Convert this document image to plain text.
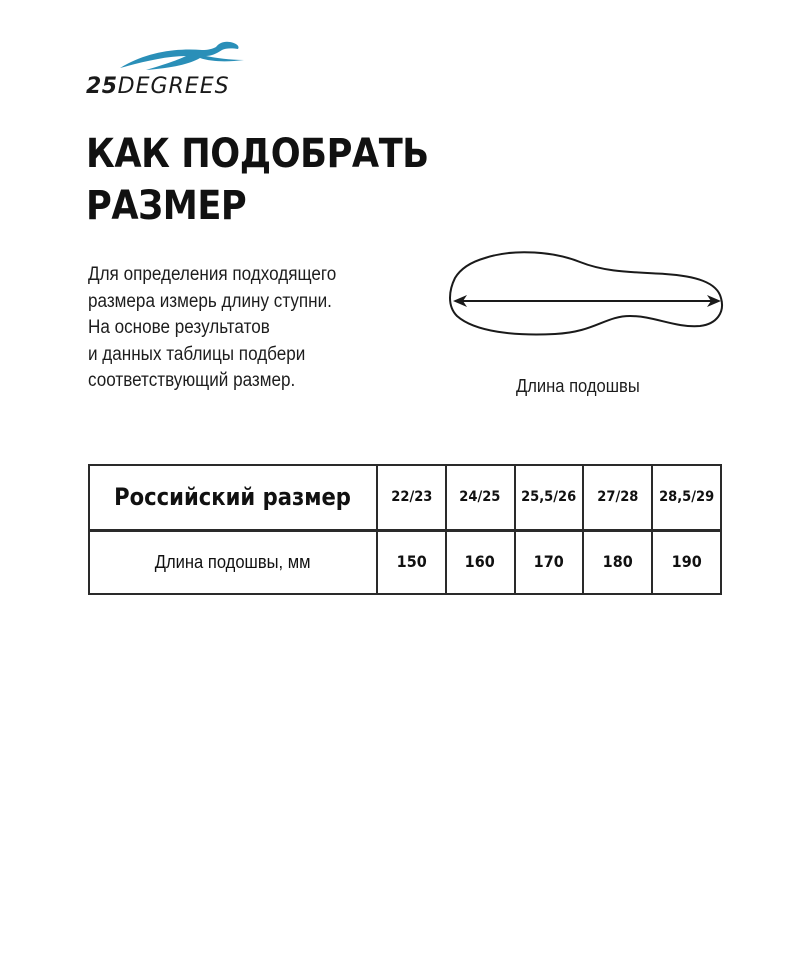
25DEGREES
КАК ПОДОБРАТЬ
РАЗМЕР
Для определения подходящего
размера измерь длину ступни.
На основе результатов
и данных таблицы подбери
соответствующий размер.	Длина подошвы
Российский размер	22/23	24/25	25,5/26	27/28	28,5/29
Длина подошвы, мм	150	160	170	180	190
